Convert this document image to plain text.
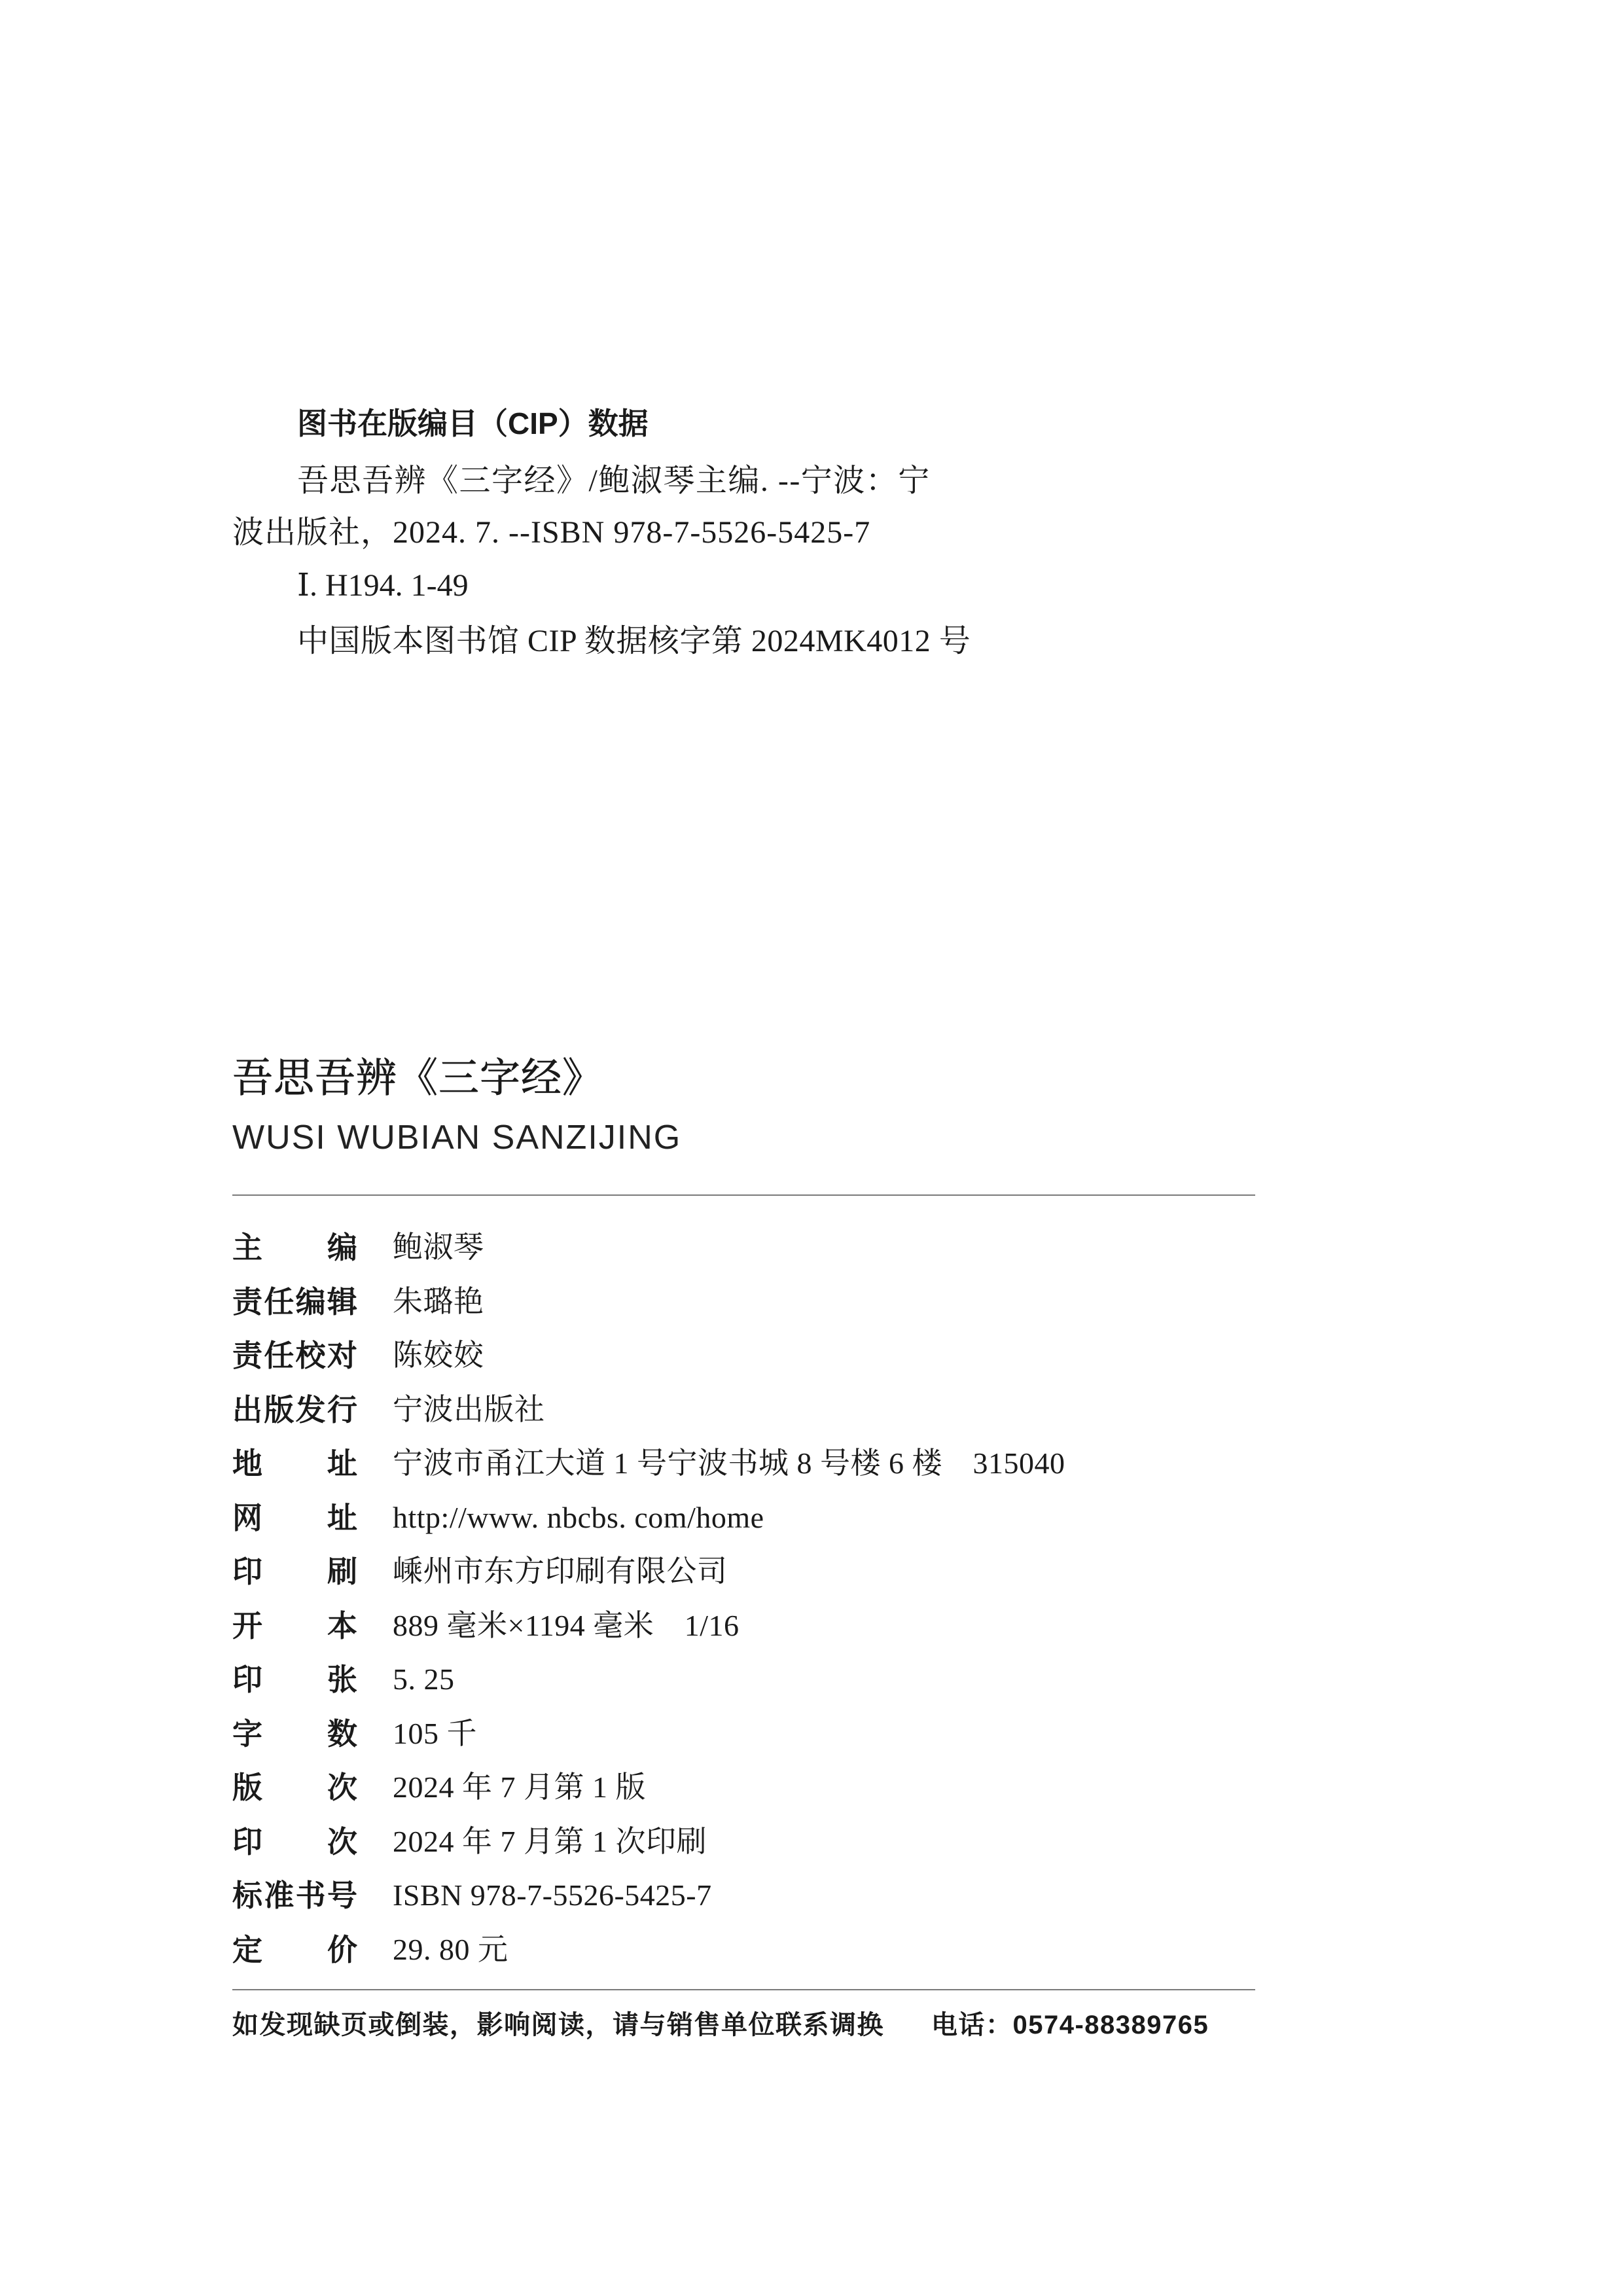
图书在版编目（CIP）数据
吾思吾辨《三字经》/鲍淑琴主编. --宁波：宁
波出版社，2024. 7. --ISBN 978-7-5526-5425-7
Ⅰ. H194. 1-49
中国版本图书馆 CIP 数据核字第 2024MK4012 号
吾思吾辨《三字经》
WUSI WUBIAN SANZIJING
主编 鲍淑琴
责任编辑 朱璐艳
责任校对 陈姣姣
出版发行 宁波出版社
地址 宁波市甬江大道 1 号宁波书城 8 号楼 6 楼　315040
网址 http://www. nbcbs. com/home
印刷 嵊州市东方印刷有限公司
开本 889 毫米×1194 毫米　1/16
印张 5. 25
字数 105 千
版次 2024 年 7 月第 1 版
印次 2024 年 7 月第 1 次印刷
标准书号 ISBN 978-7-5526-5425-7
定价 29. 80 元
如发现缺页或倒装，影响阅读，请与销售单位联系调换 电话：0574-88389765
